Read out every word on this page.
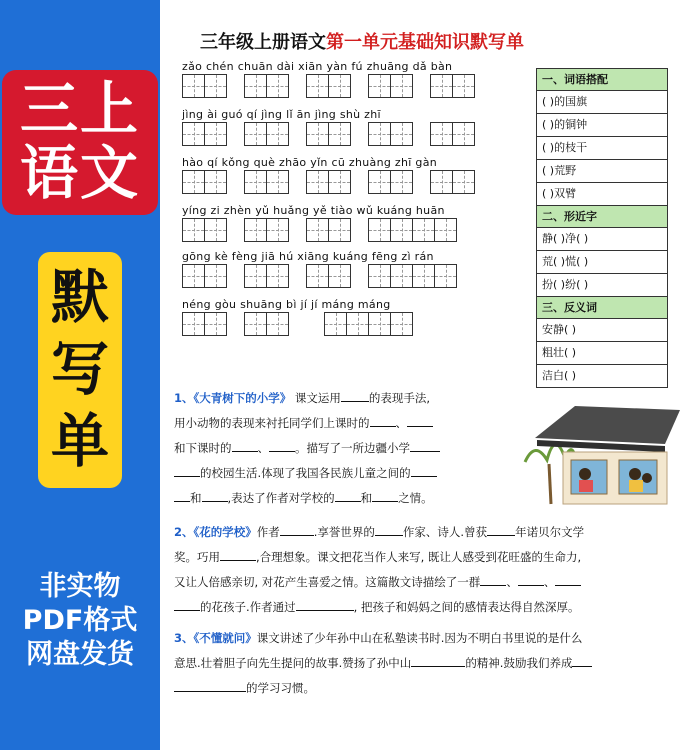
三上
语文
默
写
单
非实物
PDF格式
网盘发货
三年级上册语文第一单元基础知识默写单
zǎo chén chuān dài xiān yàn fú zhuāng dǎ bàn
jìng ài guó qí jìng lǐ ān jìng shù zhī
hào qí kǒng què zhāo yǐn cū zhuàng zhī gàn
yíng zi zhèn yǔ huǎng yě tiào wǔ kuáng huān
gōng kè fèng jiā hú xiāng kuáng fēng zì rán
néng gòu shuāng bì jí jí máng máng
一、词语搭配
( )的国旗
( )的铜钟
( )的枝干
( )荒野
( )双臂
二、形近字
静( )净( )
荒( )慌( )
扮( )纷( )
三、反义词
安静( )
粗壮( )
洁白( )
1、《大青树下的小学》 课文运用 的表现手法,
用小动物的表现来衬托同学们上课时的 、
和下课时的 、 。描写了一所边疆小学
的校园生活.体现了我国各民族儿童之间的
和 ,表达了作者对学校的 和 之情。
2、《花的学校》作者	.享誉世界的 作家、诗人.曾获 年诺贝尔文学
奖。巧用	,合理想象。课文把花当作人来写, 既让人感受到花旺盛的生命力,
又让人倍感亲切, 对花产生喜爱之情。这篇散文诗描绘了一群 、 、
的花孩子.作者通过	, 把孩子和妈妈之间的感情表达得自然深厚。
3、《不懂就问》课文讲述了少年孙中山在私塾读书时.因为不明白书里说的是什么
意思.壮着胆子向先生提问的故事.赞扬了孙中山	的精神.鼓励我们养成
的学习习惯。
